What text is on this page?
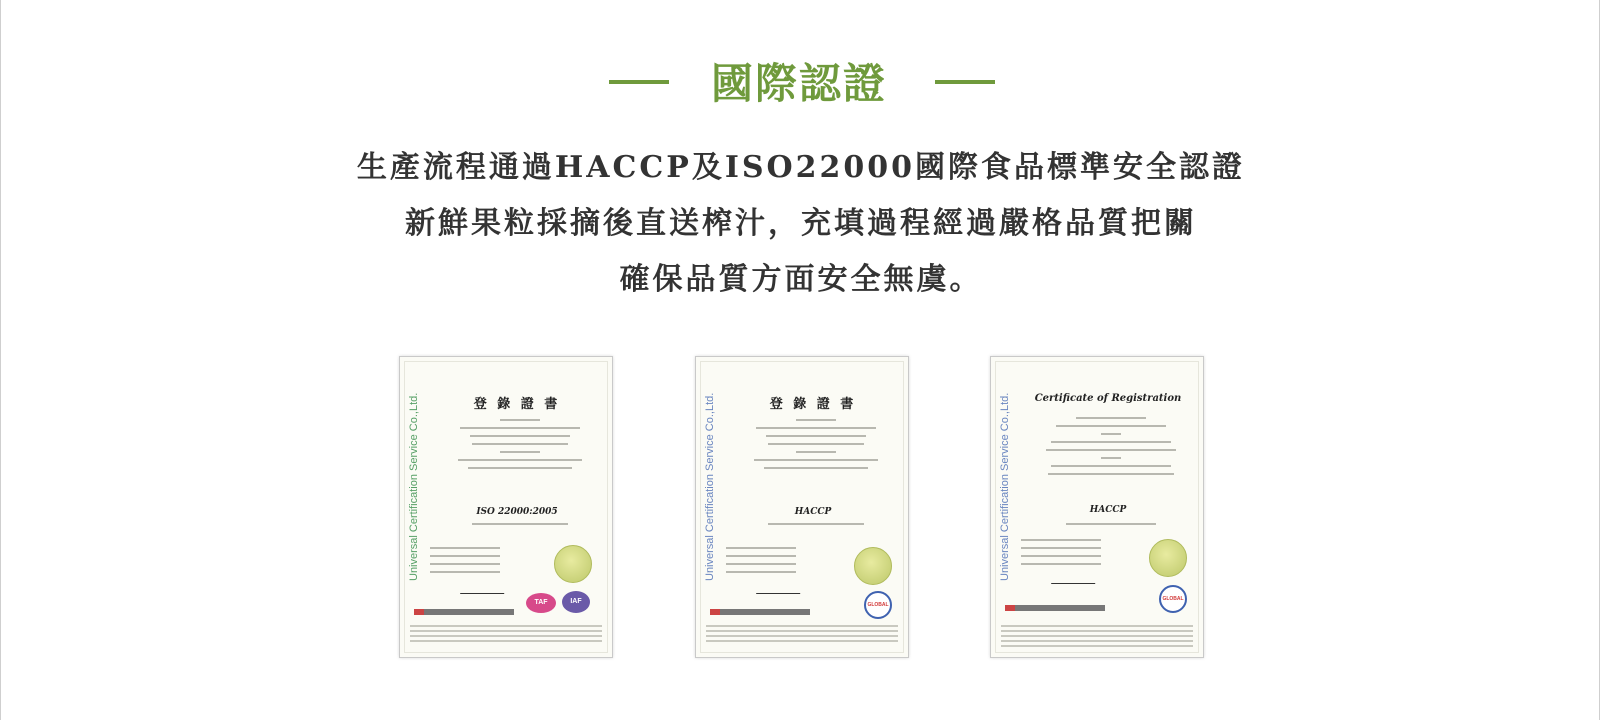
國際認證
生產流程通過HACCP及ISO22000國際食品標準安全認證
新鮮果粒採摘後直送榨汁，充填過程經過嚴格品質把關
確保品質方面安全無虞。
Universal Certification Service Co.,Ltd.	登 錄 證 書
ISO 22000:2005
TAF	IAF
Universal Certification Service Co.,Ltd.	登 錄 證 書
HACCP
GLOBAL
Universal Certification Service Co.,Ltd.	Certificate of Registration
HACCP
GLOBAL
